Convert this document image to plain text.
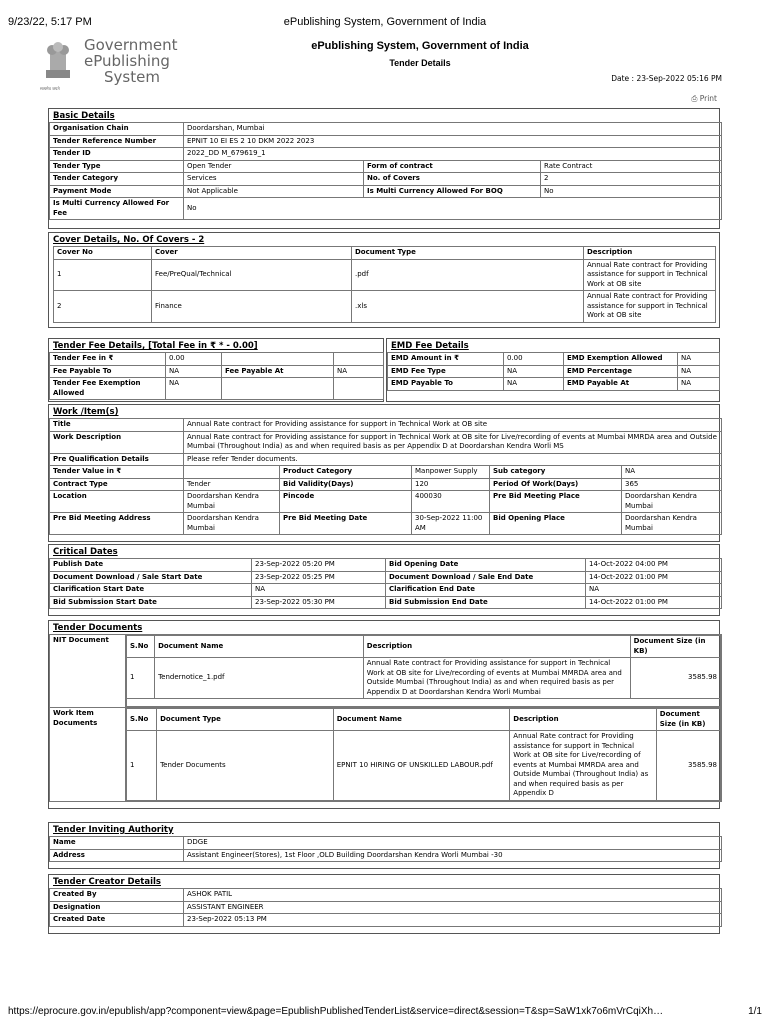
9/23/22, 5:17 PM	ePublishing System, Government of India
सत्यमेव जयते
Government
ePublishing
System
ePublishing System, Government of India
Tender Details
Date : 23-Sep-2022 05:16 PM
⎙ Print
Basic Details
Organisation Chain	Doordarshan, Mumbai		
Tender Reference Number	EPNIT 10 EI ES 2 10 DKM 2022 2023		
Tender ID	2022_DD M_679619_1		
Tender Type	Open Tender	Form of contract	Rate Contract
Tender Category	Services	No. of Covers	2
Payment Mode	Not Applicable	Is Multi Currency Allowed For BOQ	No
Is Multi Currency Allowed For Fee	No		
Cover Details, No. Of Covers - 2
Cover No	Cover	Document Type	Description
1	Fee/PreQual/Technical	.pdf	Annual Rate contract for Providing assistance for support in Technical Work at OB site
2	Finance	.xls	Annual Rate contract for Providing assistance for support in Technical Work at OB site
Tender Fee Details, [Total Fee in ₹ * - 0.00]
Tender Fee in ₹	0.00		
Fee Payable To	NA	Fee Payable At	NA
Tender Fee Exemption Allowed	NA		
EMD Fee Details
EMD Amount in ₹	0.00	EMD Exemption Allowed	NA
EMD Fee Type	NA	EMD Percentage	NA
EMD Payable To	NA	EMD Payable At	NA
Work /Item(s)
Title	Annual Rate contract for Providing assistance for support in Technical Work at OB site				
Work Description	Annual Rate contract for Providing assistance for support in Technical Work at OB site for Live/recording of events at Mumbai MMRDA area and Outside Mumbai (Throughout India) as and when required basis as per Appendix D at Doordarshan Kendra Worli MS				
Pre Qualification Details	Please refer Tender documents.				
Tender Value in ₹		Product Category	Manpower Supply	Sub category	NA
Contract Type	Tender	Bid Validity(Days)	120	Period Of Work(Days)	365
Location	Doordarshan Kendra Mumbai	Pincode	400030	Pre Bid Meeting Place	Doordarshan Kendra Mumbai
Pre Bid Meeting Address	Doordarshan Kendra Mumbai	Pre Bid Meeting Date	30-Sep-2022 11:00 AM	Bid Opening Place	Doordarshan Kendra Mumbai
Critical Dates
Publish Date	23-Sep-2022 05:20 PM	Bid Opening Date	14-Oct-2022 04:00 PM
Document Download / Sale Start Date	23-Sep-2022 05:25 PM	Document Download / Sale End Date	14-Oct-2022 01:00 PM
Clarification Start Date	NA	Clarification End Date	NA
Bid Submission Start Date	23-Sep-2022 05:30 PM	Bid Submission End Date	14-Oct-2022 01:00 PM
Tender Documents
NIT Document	
S.No	Document Name	Description	Document Size (in KB)
1	Tendernotice_1.pdf	Annual Rate contract for Providing assistance for support in Technical Work at OB site for Live/recording of events at Mumbai MMRDA area and Outside Mumbai (Throughout India) as and when required basis as per Appendix D at Doordarshan Kendra Worli Mumbai	3585.98

Work Item Documents		S.No	Document Type	Document Name	Description	Document Size (in KB)
1	Tender Documents	EPNIT 10 HIRING OF UNSKILLED LABOUR.pdf	Annual Rate contract for Providing assistance for support in Technical Work at OB site for Live/recording of events at Mumbai MMRDA area and Outside Mumbai (Throughout India) as and when required basis as per Appendix D	3585.98
Tender Inviting Authority
Name	DDGE
Address	Assistant Engineer(Stores), 1st Floor ,OLD Building Doordarshan Kendra Worli Mumbai -30
Tender Creator Details
Created By	ASHOK PATIL
Designation	ASSISTANT ENGINEER
Created Date	23-Sep-2022 05:13 PM
https://eprocure.gov.in/epublish/app?component=view&page=EpublishPublishedTenderList&service=direct&session=T&sp=SaW1xk7o6mVrCqiXh…	1/1
